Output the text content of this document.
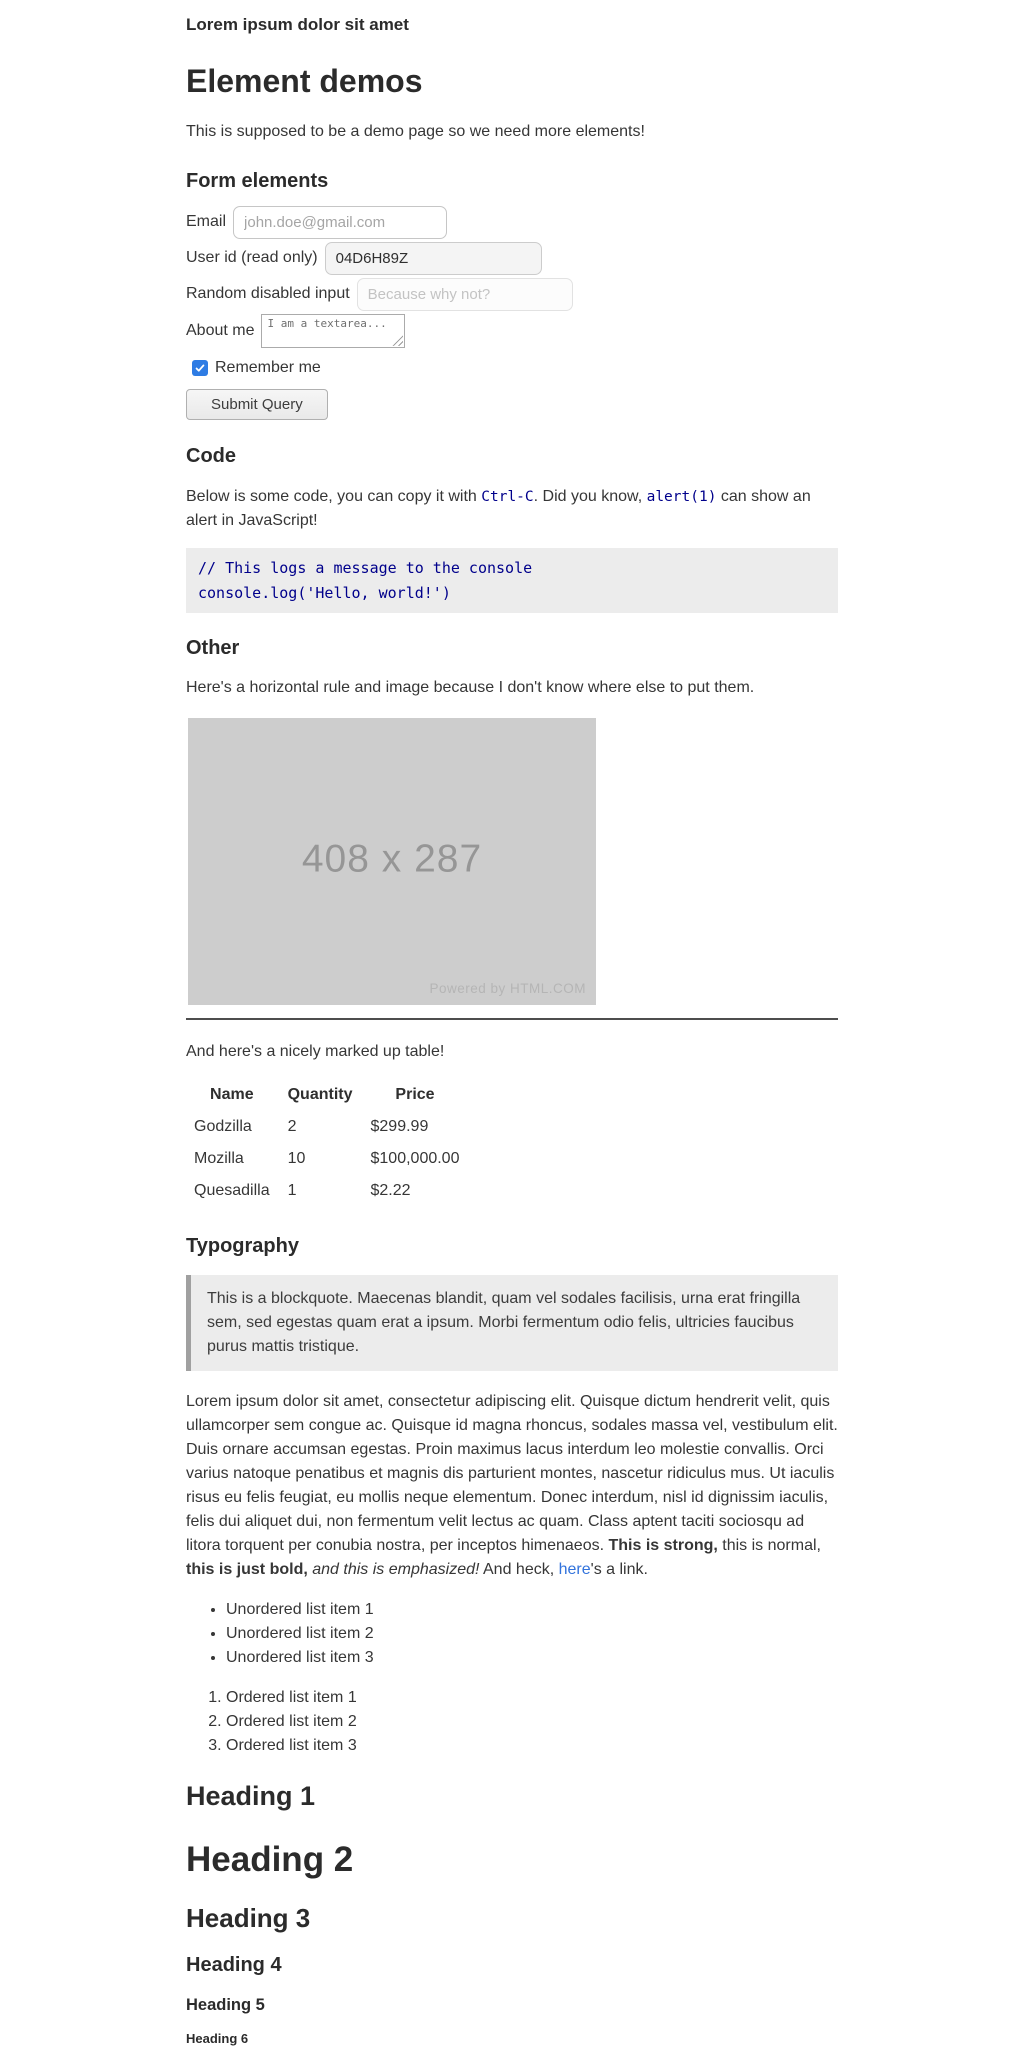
Lorem ipsum dolor sit amet
Element demos

This is supposed to be a demo page so we need more elements!

Form elements
Email
john.doe@gmail.com
User id (read only)
04D6H89Z
Random disabled input
Because why not?
About me
I am a textarea...
Remember me
Submit Query
Code

Below is some code, you can copy it with Ctrl-C. Did you know, alert(1) can show an alert in JavaScript!

// This logs a message to the console
console.log('Hello, world!')
Other

Here's a horizontal rule and image because I don't know where else to put them.

408 x 287
Powered by HTML.COM

And here's a nicely marked up table!

Name	Quantity	Price
Godzilla	2	$299.99
Mozilla	10	$100,000.00
Quesadilla	1	$2.22
Typography
This is a blockquote. Maecenas blandit, quam vel sodales facilisis, urna erat fringilla sem, sed egestas quam erat a ipsum. Morbi fermentum odio felis, ultricies faucibus purus mattis tristique.

Lorem ipsum dolor sit amet, consectetur adipiscing elit. Quisque dictum hendrerit velit, quis ullamcorper sem congue ac. Quisque id magna rhoncus, sodales massa vel, vestibulum elit. Duis ornare accumsan egestas. Proin maximus lacus interdum leo molestie convallis. Orci varius natoque penatibus et magnis dis parturient montes, nascetur ridiculus mus. Ut iaculis risus eu felis feugiat, eu mollis neque elementum. Donec interdum, nisl id dignissim iaculis, felis dui aliquet dui, non fermentum velit lectus ac quam. Class aptent taciti sociosqu ad litora torquent per conubia nostra, per inceptos himenaeos. This is strong, this is normal, this is just bold, and this is emphasized! And heck, here's a link.

• Unordered list item 1
• Unordered list item 2
• Unordered list item 3
1. Ordered list item 1
2. Ordered list item 2
3. Ordered list item 3
Heading 1
Heading 2
Heading 3
Heading 4
Heading 5
Heading 6
